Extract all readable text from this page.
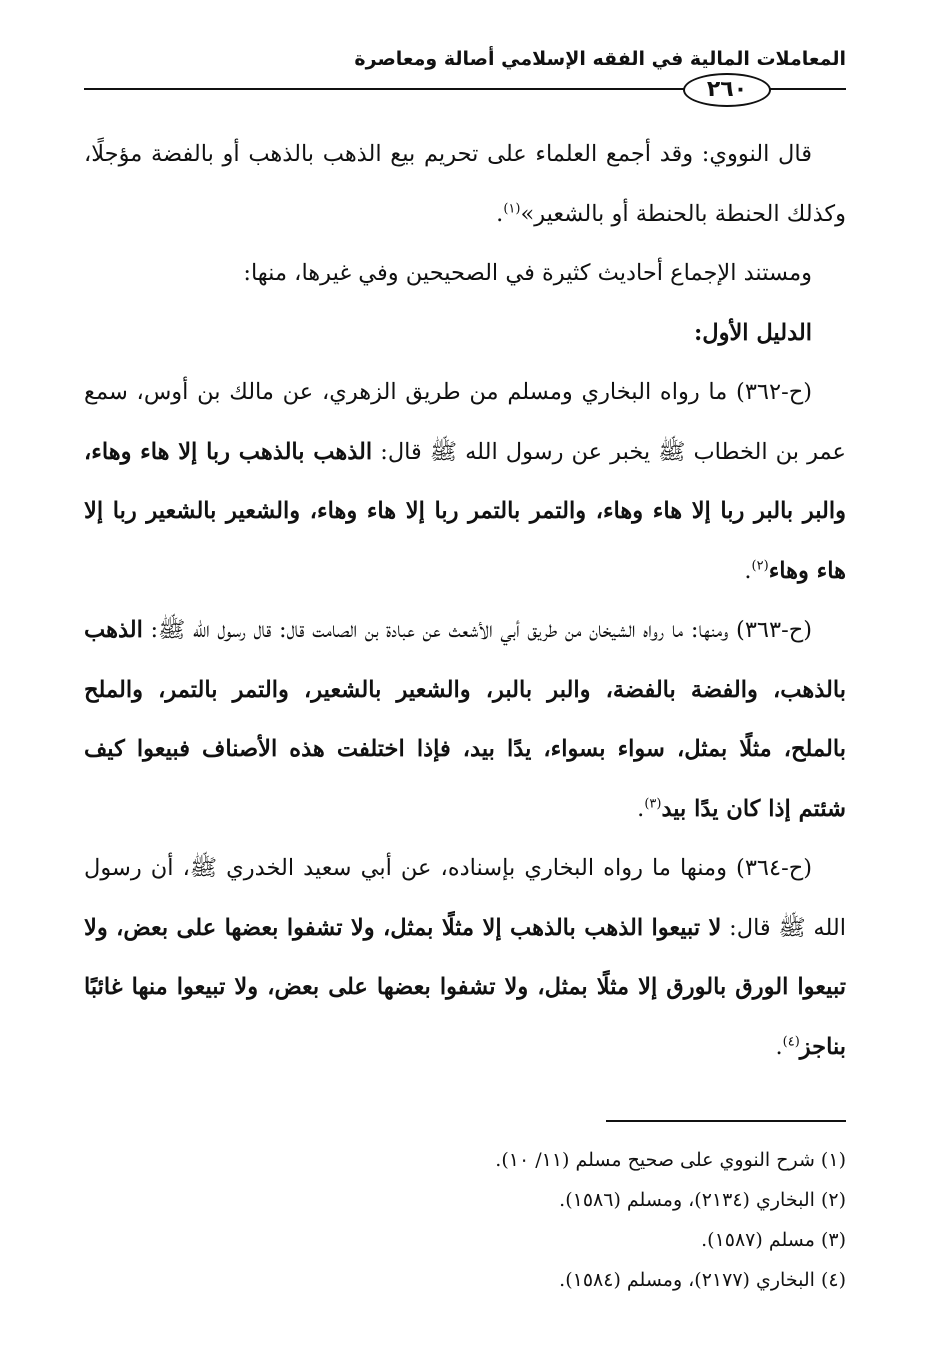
المعاملات المالية في الفقه الإسلامي أصالة ومعاصرة
٢٦٠

قال النووي: وقد أجمع العلماء على تحريم بيع الذهب بالذهب أو بالفضة مؤجلًا، وكذلك الحنطة بالحنطة أو بالشعير»$^{(١)}$.

ومستند الإجماع أحاديث كثيرة في الصحيحين وفي غيرها، منها:

الدليل الأول:

(ح-٣٦٢) ما رواه البخاري ومسلم من طريق الزهري، عن مالك بن أوس، سمع عمر بن الخطاب ﷺ يخبر عن رسول الله ﷺ قال: الذهب بالذهب ربا إلا هاء وهاء، والبر بالبر ربا إلا هاء وهاء، والتمر بالتمر ربا إلا هاء وهاء، والشعير بالشعير ربا إلا هاء وهاء$^{(٢)}$.

(ح-٣٦٣) ومنها: ما رواه الشيخان من طريق أبي الأشعث عن عبادة بن الصامت قال: قال رسول الله ﷺ: الذهب بالذهب، والفضة بالفضة، والبر بالبر، والشعير بالشعير، والتمر بالتمر، والملح بالملح، مثلًا بمثل، سواء بسواء، يدًا بيد، فإذا اختلفت هذه الأصناف فبيعوا كيف شئتم إذا كان يدًا بيد$^{(٣)}$.

(ح-٣٦٤) ومنها ما رواه البخاري بإسناده، عن أبي سعيد الخدري ﷺ، أن رسول الله ﷺ قال: لا تبيعوا الذهب بالذهب إلا مثلًا بمثل، ولا تشفوا بعضها على بعض، ولا تبيعوا الورق بالورق إلا مثلًا بمثل، ولا تشفوا بعضها على بعض، ولا تبيعوا منها غائبًا بناجز$^{(٤)}$.

(١) شرح النووي على صحيح مسلم (١١/ ١٠).

(٢) البخاري (٢١٣٤)، ومسلم (١٥٨٦).

(٣) مسلم (١٥٨٧).

(٤) البخاري (٢١٧٧)، ومسلم (١٥٨٤).
